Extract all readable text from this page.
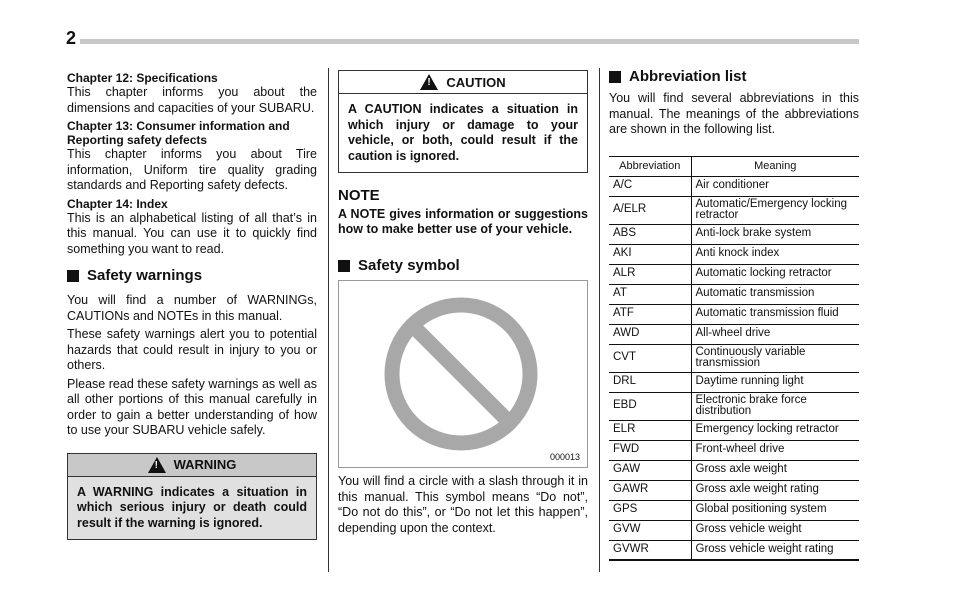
2
Chapter 12: Specifications
This chapter informs you about the dimensions and capacities of your SUBARU.
Chapter 13: Consumer information and Reporting safety defects
This chapter informs you about Tire information, Uniform tire quality grading standards and Reporting safety defects.
Chapter 14: Index
This is an alphabetical listing of all that’s in this manual. You can use it to quickly find something you want to read.
Safety warnings
You will find a number of WARNINGs, CAUTIONs and NOTEs in this manual.
These safety warnings alert you to potential hazards that could result in injury to you or others.
Please read these safety warnings as well as all other portions of this manual carefully in order to gain a better understanding of how to use your SUBARU vehicle safely.
! WARNING
A WARNING indicates a situation in which serious injury or death could result if the warning is ignored.
! CAUTION
A CAUTION indicates a situation in which injury or damage to your vehicle, or both, could result if the caution is ignored.
NOTE
A NOTE gives information or suggestions how to make better use of your vehicle.
Safety symbol
000013
You will find a circle with a slash through it in this manual. This symbol means “Do not”, “Do not do this”, or “Do not let this happen”, depending upon the context.
Abbreviation list
You will find several abbreviations in this manual. The meanings of the abbreviations are shown in the following list.
Abbreviation	Meaning
A/C	Air conditioner
A/ELR	Automatic/Emergency locking retractor
ABS	Anti-lock brake system
AKI	Anti knock index
ALR	Automatic locking retractor
AT	Automatic transmission
ATF	Automatic transmission fluid
AWD	All-wheel drive
CVT	Continuously variable transmission
DRL	Daytime running light
EBD	Electronic brake force distribution
ELR	Emergency locking retractor
FWD	Front-wheel drive
GAW	Gross axle weight
GAWR	Gross axle weight rating
GPS	Global positioning system
GVW	Gross vehicle weight
GVWR	Gross vehicle weight rating
